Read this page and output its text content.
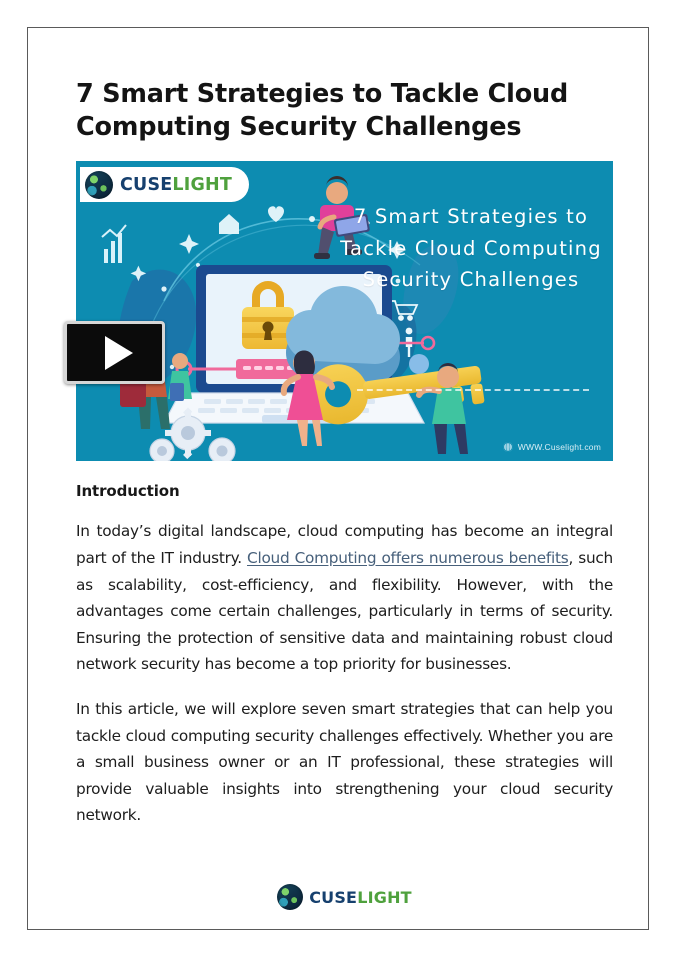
7 Smart Strategies to Tackle Cloud Computing Security Challenges
CUSELIGHT
7 Smart Strategies to Tackle Cloud Computing Security Challenges
WWW.Cuselight.com
Introduction

In today’s digital landscape, cloud computing has become an integral part of the IT industry. Cloud Computing offers numerous benefits, such as scalability, cost-efficiency, and flexibility. However, with the advantages come certain challenges, particularly in terms of security. Ensuring the protection of sensitive data and maintaining robust cloud network security has become a top priority for businesses.

In this article, we will explore seven smart strategies that can help you tackle cloud computing security challenges effectively. Whether you are a small business owner or an IT professional, these strategies will provide valuable insights into strengthening your cloud security network.

CUSELIGHT
